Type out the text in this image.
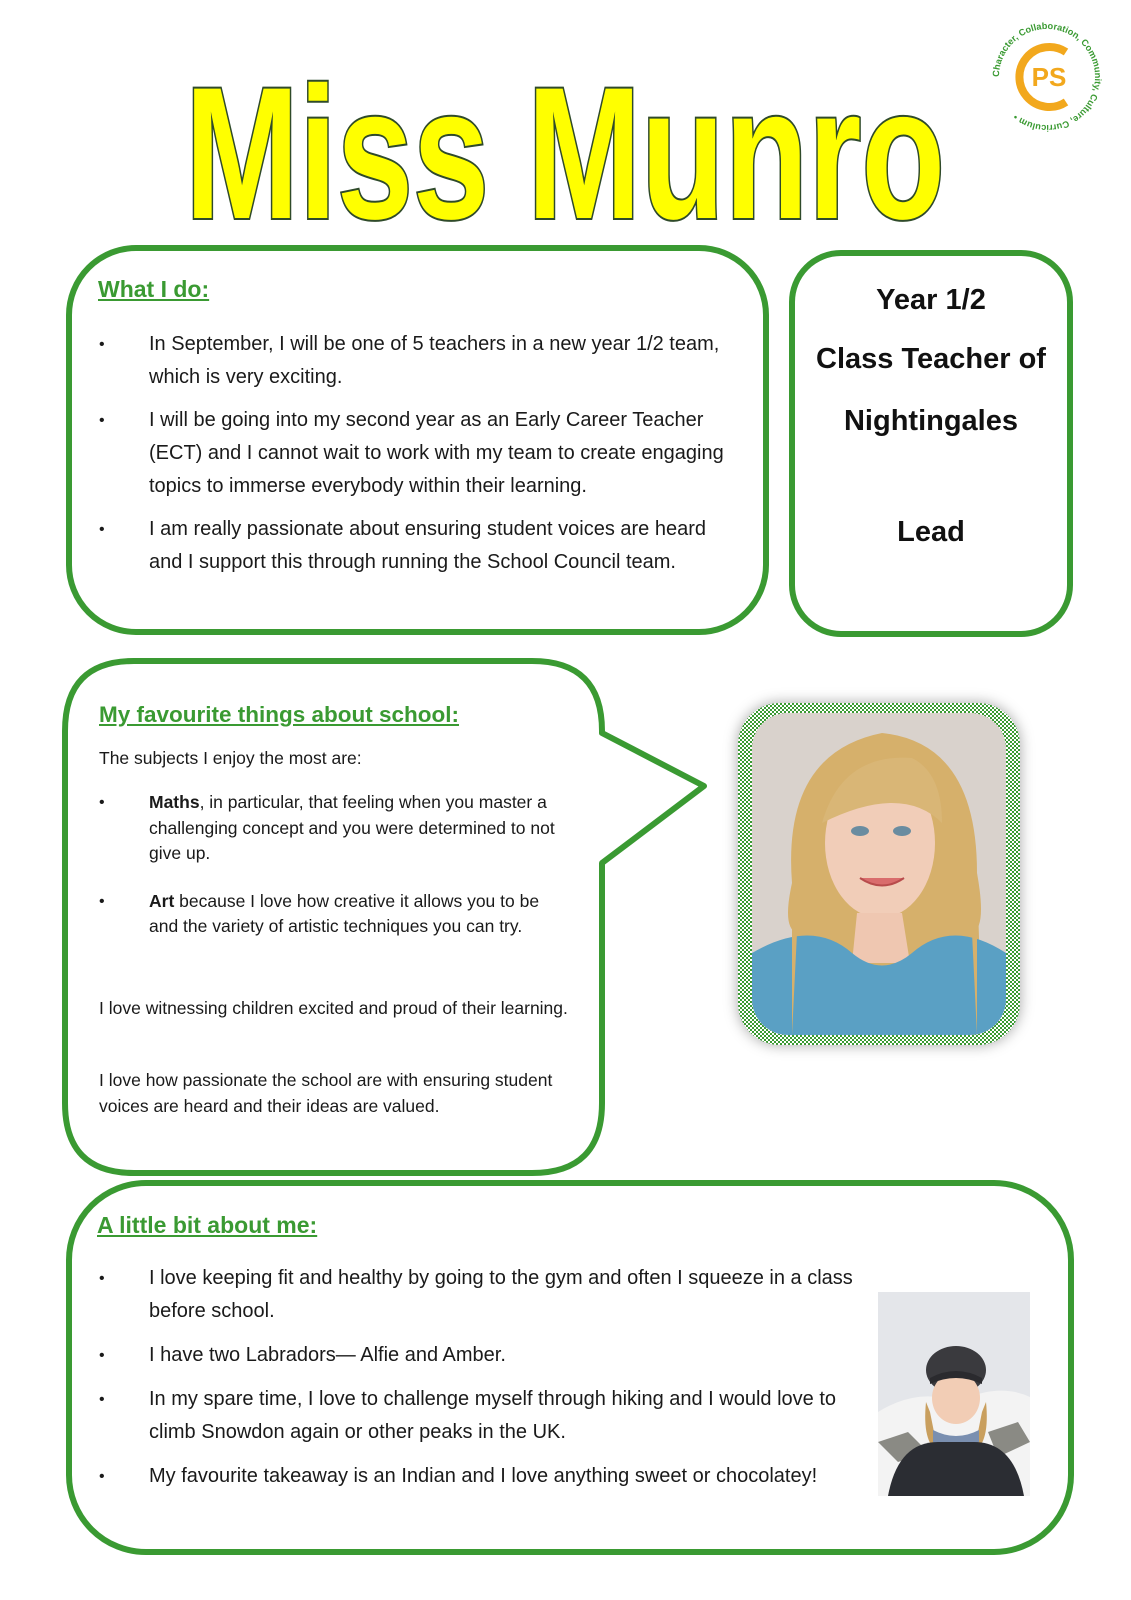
Miss Munro	Character, Collaboration, Community, Culture, Curriculum •
PS
What I do:
• In September, I will be one of 5 teachers in a new year 1/2 team, which is very exciting.
• I will be going into my second year as an Early Career Teacher (ECT) and I cannot wait to work with my team to create engaging topics to immerse everybody within their learning.
• I am really passionate about ensuring student voices are heard and I support this through running the School Council team.
Year 1/2
Class Teacher of
Nightingales
Lead
My favourite things about school:
The subjects I enjoy the most are:
•	Maths, in particular, that feeling when you master a challenging concept and you were determined to not give up.
•	Art because I love how creative it allows you to be and the variety of artistic techniques you can try.
I love witnessing children excited and proud of their learning.
I love how passionate the school are with ensuring student voices are heard and their ideas are valued.
A little bit about me:
• I love keeping fit and healthy by going to the gym and often I squeeze in a class before school.
• I have two Labradors— Alfie and Amber.
• In my spare time, I love to challenge myself through hiking and I would love to climb Snowdon again or other peaks in the UK.
• My favourite takeaway is an Indian and I love anything sweet or chocolatey!
